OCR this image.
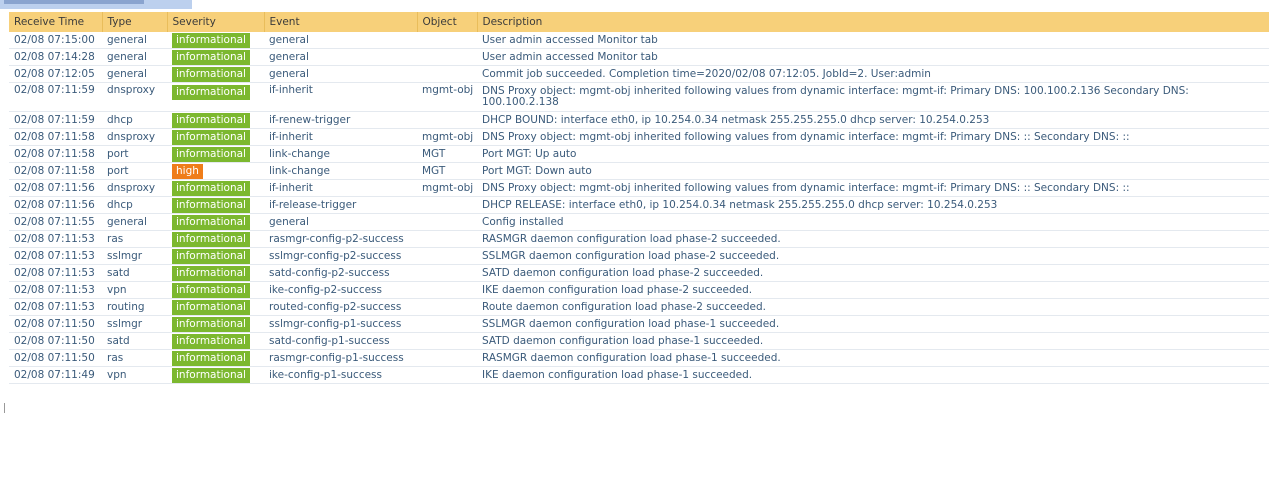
Receive Time	Type	Severity	Event	Object	Description
02/08 07:15:00	general	informational	general		User admin accessed Monitor tab
02/08 07:14:28	general	informational	general		User admin accessed Monitor tab
02/08 07:12:05	general	informational	general		Commit job succeeded. Completion time=2020/02/08 07:12:05. JobId=2. User:admin
02/08 07:11:59	dnsproxy	informational	if-inherit	mgmt-obj	DNS Proxy object: mgmt-obj inherited following values from dynamic interface: mgmt-if: Primary DNS: 100.100.2.136 Secondary DNS: 100.100.2.138
02/08 07:11:59	dhcp	informational	if-renew-trigger		DHCP BOUND: interface eth0, ip 10.254.0.34 netmask 255.255.255.0 dhcp server: 10.254.0.253
02/08 07:11:58	dnsproxy	informational	if-inherit	mgmt-obj	DNS Proxy object: mgmt-obj inherited following values from dynamic interface: mgmt-if: Primary DNS: :: Secondary DNS: ::
02/08 07:11:58	port	informational	link-change	MGT	Port MGT: Up auto
02/08 07:11:58	port	high	link-change	MGT	Port MGT: Down auto
02/08 07:11:56	dnsproxy	informational	if-inherit	mgmt-obj	DNS Proxy object: mgmt-obj inherited following values from dynamic interface: mgmt-if: Primary DNS: :: Secondary DNS: ::
02/08 07:11:56	dhcp	informational	if-release-trigger		DHCP RELEASE: interface eth0, ip 10.254.0.34 netmask 255.255.255.0 dhcp server: 10.254.0.253
02/08 07:11:55	general	informational	general		Config installed
02/08 07:11:53	ras	informational	rasmgr-config-p2-success		RASMGR daemon configuration load phase-2 succeeded.
02/08 07:11:53	sslmgr	informational	sslmgr-config-p2-success		SSLMGR daemon configuration load phase-2 succeeded.
02/08 07:11:53	satd	informational	satd-config-p2-success		SATD daemon configuration load phase-2 succeeded.
02/08 07:11:53	vpn	informational	ike-config-p2-success		IKE daemon configuration load phase-2 succeeded.
02/08 07:11:53	routing	informational	routed-config-p2-success		Route daemon configuration load phase-2 succeeded.
02/08 07:11:50	sslmgr	informational	sslmgr-config-p1-success		SSLMGR daemon configuration load phase-1 succeeded.
02/08 07:11:50	satd	informational	satd-config-p1-success		SATD daemon configuration load phase-1 succeeded.
02/08 07:11:50	ras	informational	rasmgr-config-p1-success		RASMGR daemon configuration load phase-1 succeeded.
02/08 07:11:49	vpn	informational	ike-config-p1-success		IKE daemon configuration load phase-1 succeeded.
